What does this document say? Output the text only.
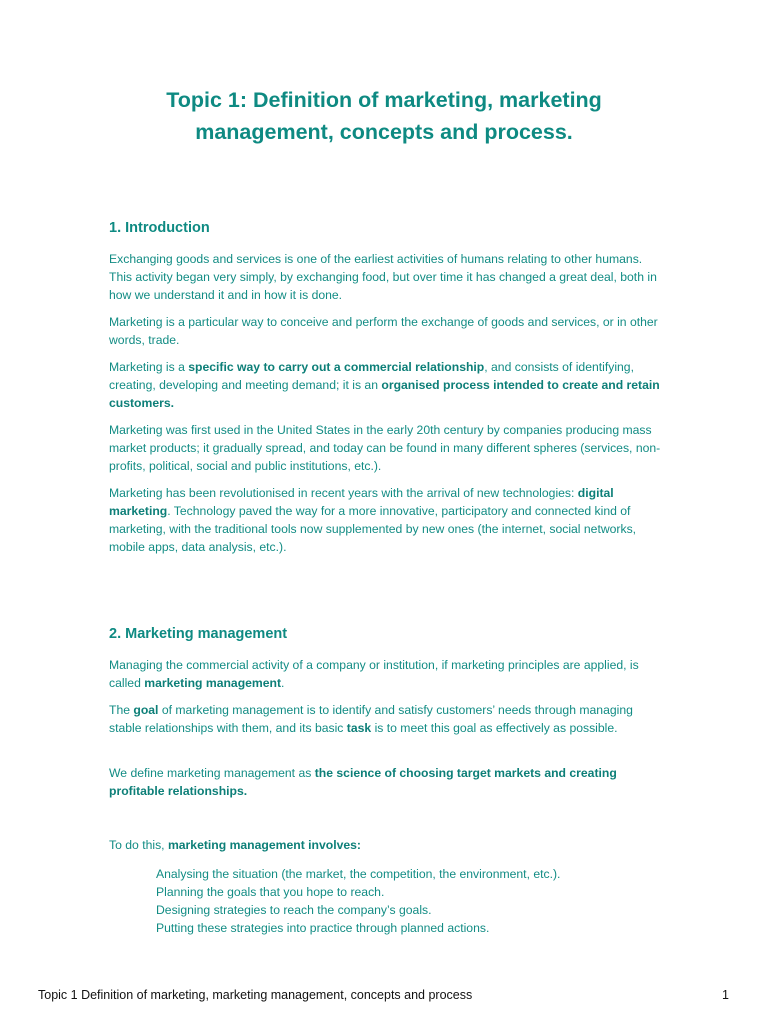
Topic 1: Definition of marketing, marketing
management, concepts and process.
1. Introduction

Exchanging goods and services is one of the earliest activities of humans relating to other humans. This activity began very simply, by exchanging food, but over time it has changed a great deal, both in how we understand it and in how it is done.

Marketing is a particular way to conceive and perform the exchange of goods and services, or in other words, trade.

Marketing is a specific way to carry out a commercial relationship, and consists of identifying, creating, developing and meeting demand; it is an organised process intended to create and retain customers.

Marketing was first used in the United States in the early 20th century by companies producing mass market products; it gradually spread, and today can be found in many different spheres (services, non-profits, political, social and public institutions, etc.).

Marketing has been revolutionised in recent years with the arrival of new technologies: digital marketing. Technology paved the way for a more innovative, participatory and connected kind of marketing, with the traditional tools now supplemented by new ones (the internet, social networks, mobile apps, data analysis, etc.).

2. Marketing management

Managing the commercial activity of a company or institution, if marketing principles are applied, is called marketing management.

The goal of marketing management is to identify and satisfy customers’ needs through managing stable relationships with them, and its basic task is to meet this goal as effectively as possible.

We define marketing management as the science of choosing target markets and creating profitable relationships.

To do this, marketing management involves:

Analysing the situation (the market, the competition, the environment, etc.).
Planning the goals that you hope to reach.
Designing strategies to reach the company’s goals.
Putting these strategies into practice through planned actions.
Topic 1 Definition of marketing, marketing management, concepts and process	1
